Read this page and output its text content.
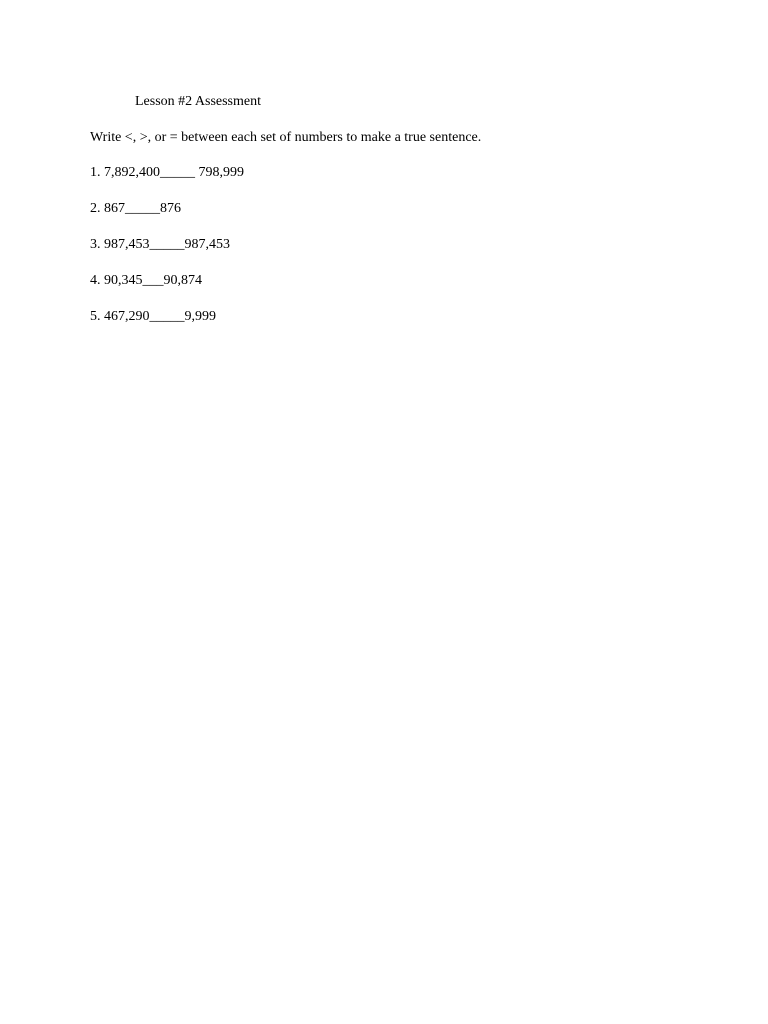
Lesson #2 Assessment
Write <, >, or = between each set of numbers to make a true sentence.
1. 7,892,400_____ 798,999
2. 867_____876
3. 987,453_____987,453
4. 90,345___90,874
5. 467,290_____9,999
